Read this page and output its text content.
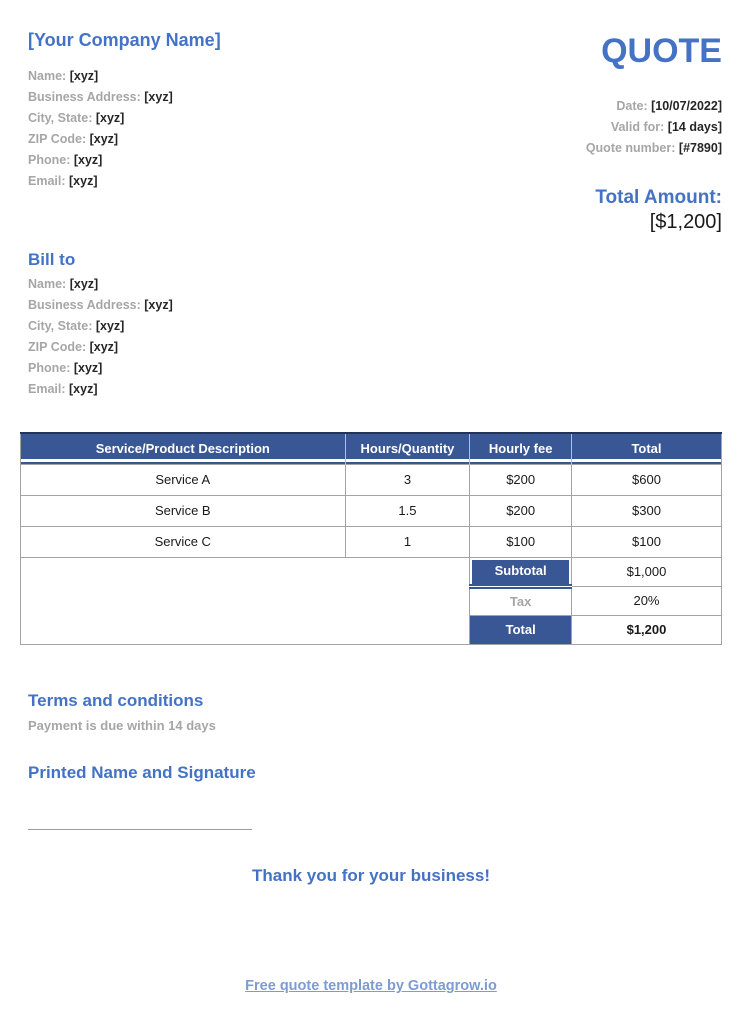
[Your Company Name]
Name: [xyz]
Business Address: [xyz]
City, State: [xyz]
ZIP Code: [xyz]
Phone: [xyz]
Email: [xyz]
QUOTE
Date: [10/07/2022]
Valid for: [14 days]
Quote number: [#7890]
Total Amount:
[$1,200]
Bill to
Name: [xyz]
Business Address: [xyz]
City, State: [xyz]
ZIP Code: [xyz]
Phone: [xyz]
Email: [xyz]
Service/Product Description	Hours/Quantity	Hourly fee	Total
Service A	3	$200	$600
Service B	1.5	$200	$300
Service C	1	$100	$100
		Subtotal	$1,000
		Tax	20%
		Total	$1,200
Terms and conditions
Payment is due within 14 days
Printed Name and Signature
Thank you for your business!
Free quote template by Gottagrow.io
